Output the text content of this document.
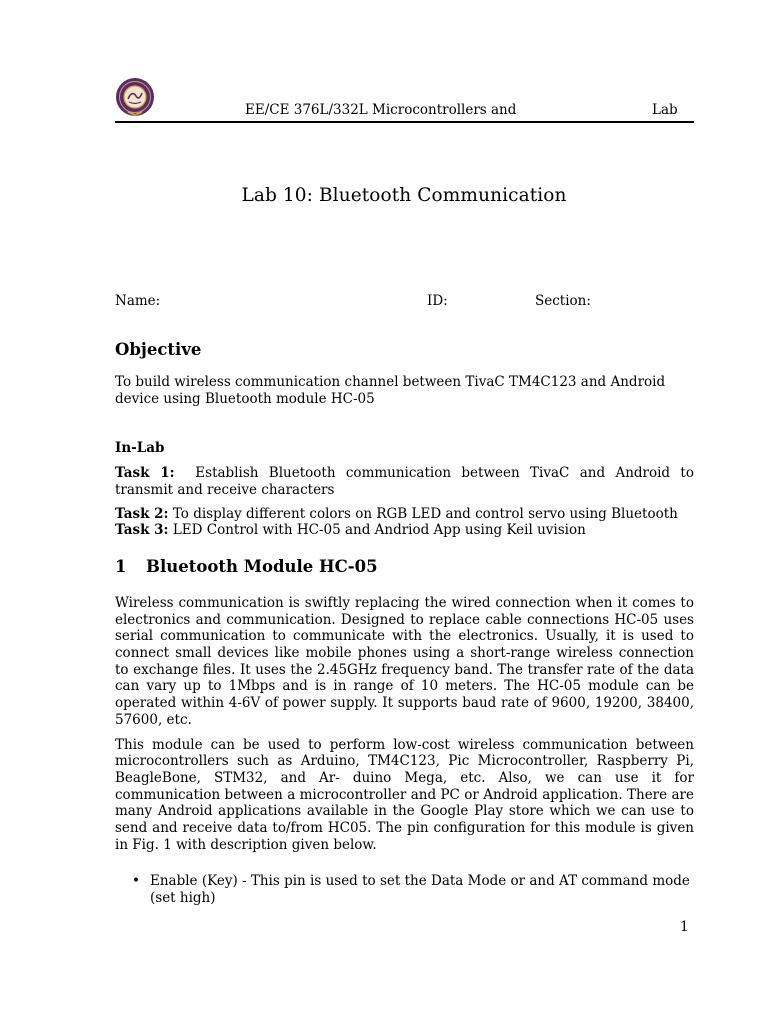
EE/CE 376L/332L Microcontrollers and	Lab
Lab 10: Bluetooth Communication
Name:	ID:	Section:
Objective

To build wireless communication channel between TivaC TM4C123 and Android device using Bluetooth module HC-05

In-Lab

Task 1: Establish Bluetooth communication between TivaC and Android to transmit and receive characters

Task 2: To display different colors on RGB LED and control servo using Bluetooth

Task 3: LED Control with HC-05 and Andriod App using Keil uvision

1 Bluetooth Module HC-05

Wireless communication is swiftly replacing the wired connection when it comes to electronics and communication. Designed to replace cable connections HC-05 uses serial communication to communicate with the electronics. Usually, it is used to connect small devices like mobile phones using a short-range wireless connection to exchange files. It uses the 2.45GHz frequency band. The transfer rate of the data can vary up to 1Mbps and is in range of 10 meters. The HC-05 module can be operated within 4-6V of power supply. It supports baud rate of 9600, 19200, 38400, 57600, etc.

This module can be used to perform low-cost wireless communication between microcontrollers such as Arduino, TM4C123, Pic Microcontroller, Raspberry Pi, BeagleBone, STM32, and Ar- duino Mega, etc. Also, we can use it for communication between a microcontroller and PC or Android application. There are many Android applications available in the Google Play store which we can use to send and receive data to/from HC05. The pin configuration for this module is given in Fig. 1 with description given below.

• Enable (Key) - This pin is used to set the Data Mode or and AT command mode (set high)
1
